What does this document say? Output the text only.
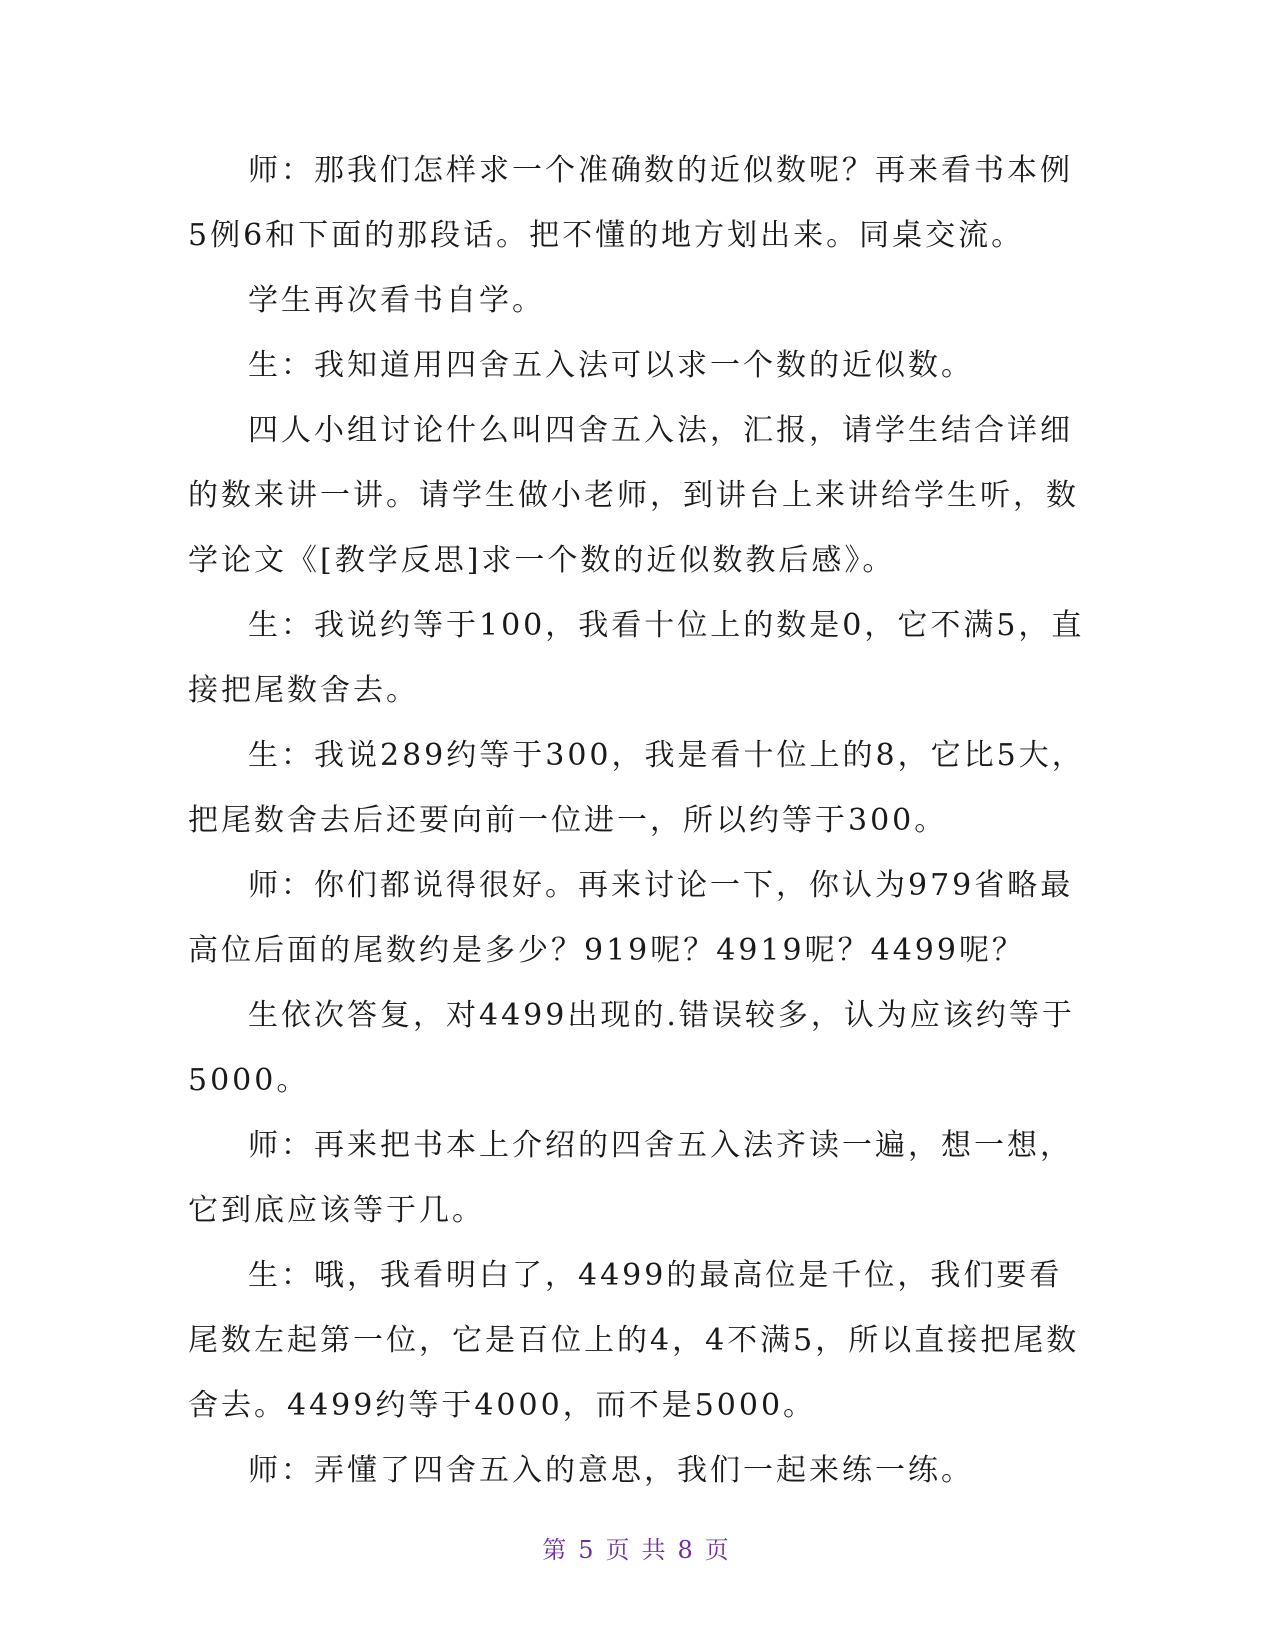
师：那我们怎样求一个准确数的近似数呢？再来看书本例5例6和下面的那段话。把不懂的地方划出来。同桌交流。

学生再次看书自学。

生：我知道用四舍五入法可以求一个数的近似数。

四人小组讨论什么叫四舍五入法，汇报，请学生结合详细的数来讲一讲。请学生做小老师，到讲台上来讲给学生听，数学论文《[教学反思]求一个数的近似数教后感》。

生：我说约等于100，我看十位上的数是0，它不满5，直接把尾数舍去。

生：我说289约等于300，我是看十位上的8，它比5大，把尾数舍去后还要向前一位进一，所以约等于300。

师：你们都说得很好。再来讨论一下，你认为979省略最高位后面的尾数约是多少？919呢？4919呢？4499呢？

生依次答复，对4499出现的.错误较多，认为应该约等于5000。

师：再来把书本上介绍的四舍五入法齐读一遍，想一想，它到底应该等于几。

生：哦，我看明白了，4499的最高位是千位，我们要看尾数左起第一位，它是百位上的4，4不满5，所以直接把尾数舍去。4499约等于4000，而不是5000。

师：弄懂了四舍五入的意思，我们一起来练一练。

第 5 页 共 8 页
